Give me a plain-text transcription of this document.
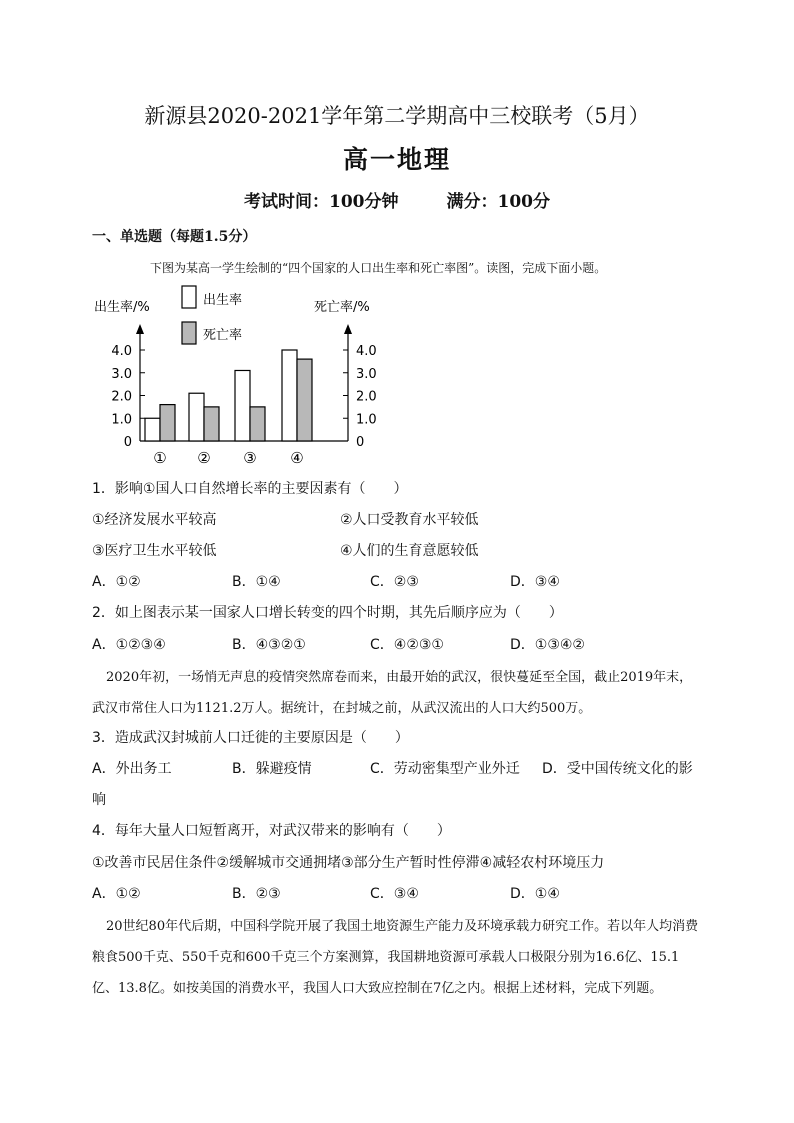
新源县2020-2021学年第二学期高中三校联考（5月）
高一地理
考试时间：100分钟	满分：100分
一、单选题（每题1.5分）
下图为某高一学生绘制的“四个国家的人口出生率和死亡率图”。读图，完成下面小题。
出生率/%	死亡率/%
0	0
1.0	1.0
2.0	2.0
3.0	3.0
4.0	4.0
出生率
死亡率
① ② ③ ④
1．影响①国人口自然增长率的主要因素有（　　）
①经济发展水平较高	②人口受教育水平较低
③医疗卫生水平较低	④人们的生育意愿较低
A．①②	B．①④	C．②③	D．③④
2．如上图表示某一国家人口增长转变的四个时期，其先后顺序应为（　　）
A．①②③④	B．④③②①	C．④②③①	D．①③④②
2020年初，一场悄无声息的疫情突然席卷而来，由最开始的武汉，很快蔓延至全国，截止2019年末，武汉市常住人口为1121.2万人。据统计，在封城之前，从武汉流出的人口大约500万。
3．造成武汉封城前人口迁徙的主要原因是（　　）
A．外出务工	B．躲避疫情	C．劳动密集型产业外迁 D．受中国传统文化的影
响
4．每年大量人口短暂离开，对武汉带来的影响有（　　）
①改善市民居住条件②缓解城市交通拥堵③部分生产暂时性停滞④减轻农村环境压力
A．①②	B．②③	C．③④	D．①④
20世纪80年代后期，中国科学院开展了我国土地资源生产能力及环境承载力研究工作。若以年人均消费粮食500千克、550千克和600千克三个方案测算，我国耕地资源可承载人口极限分别为16.6亿、15.1亿、13.8亿。如按美国的消费水平，我国人口大致应控制在7亿之内。根据上述材料，完成下列题。
